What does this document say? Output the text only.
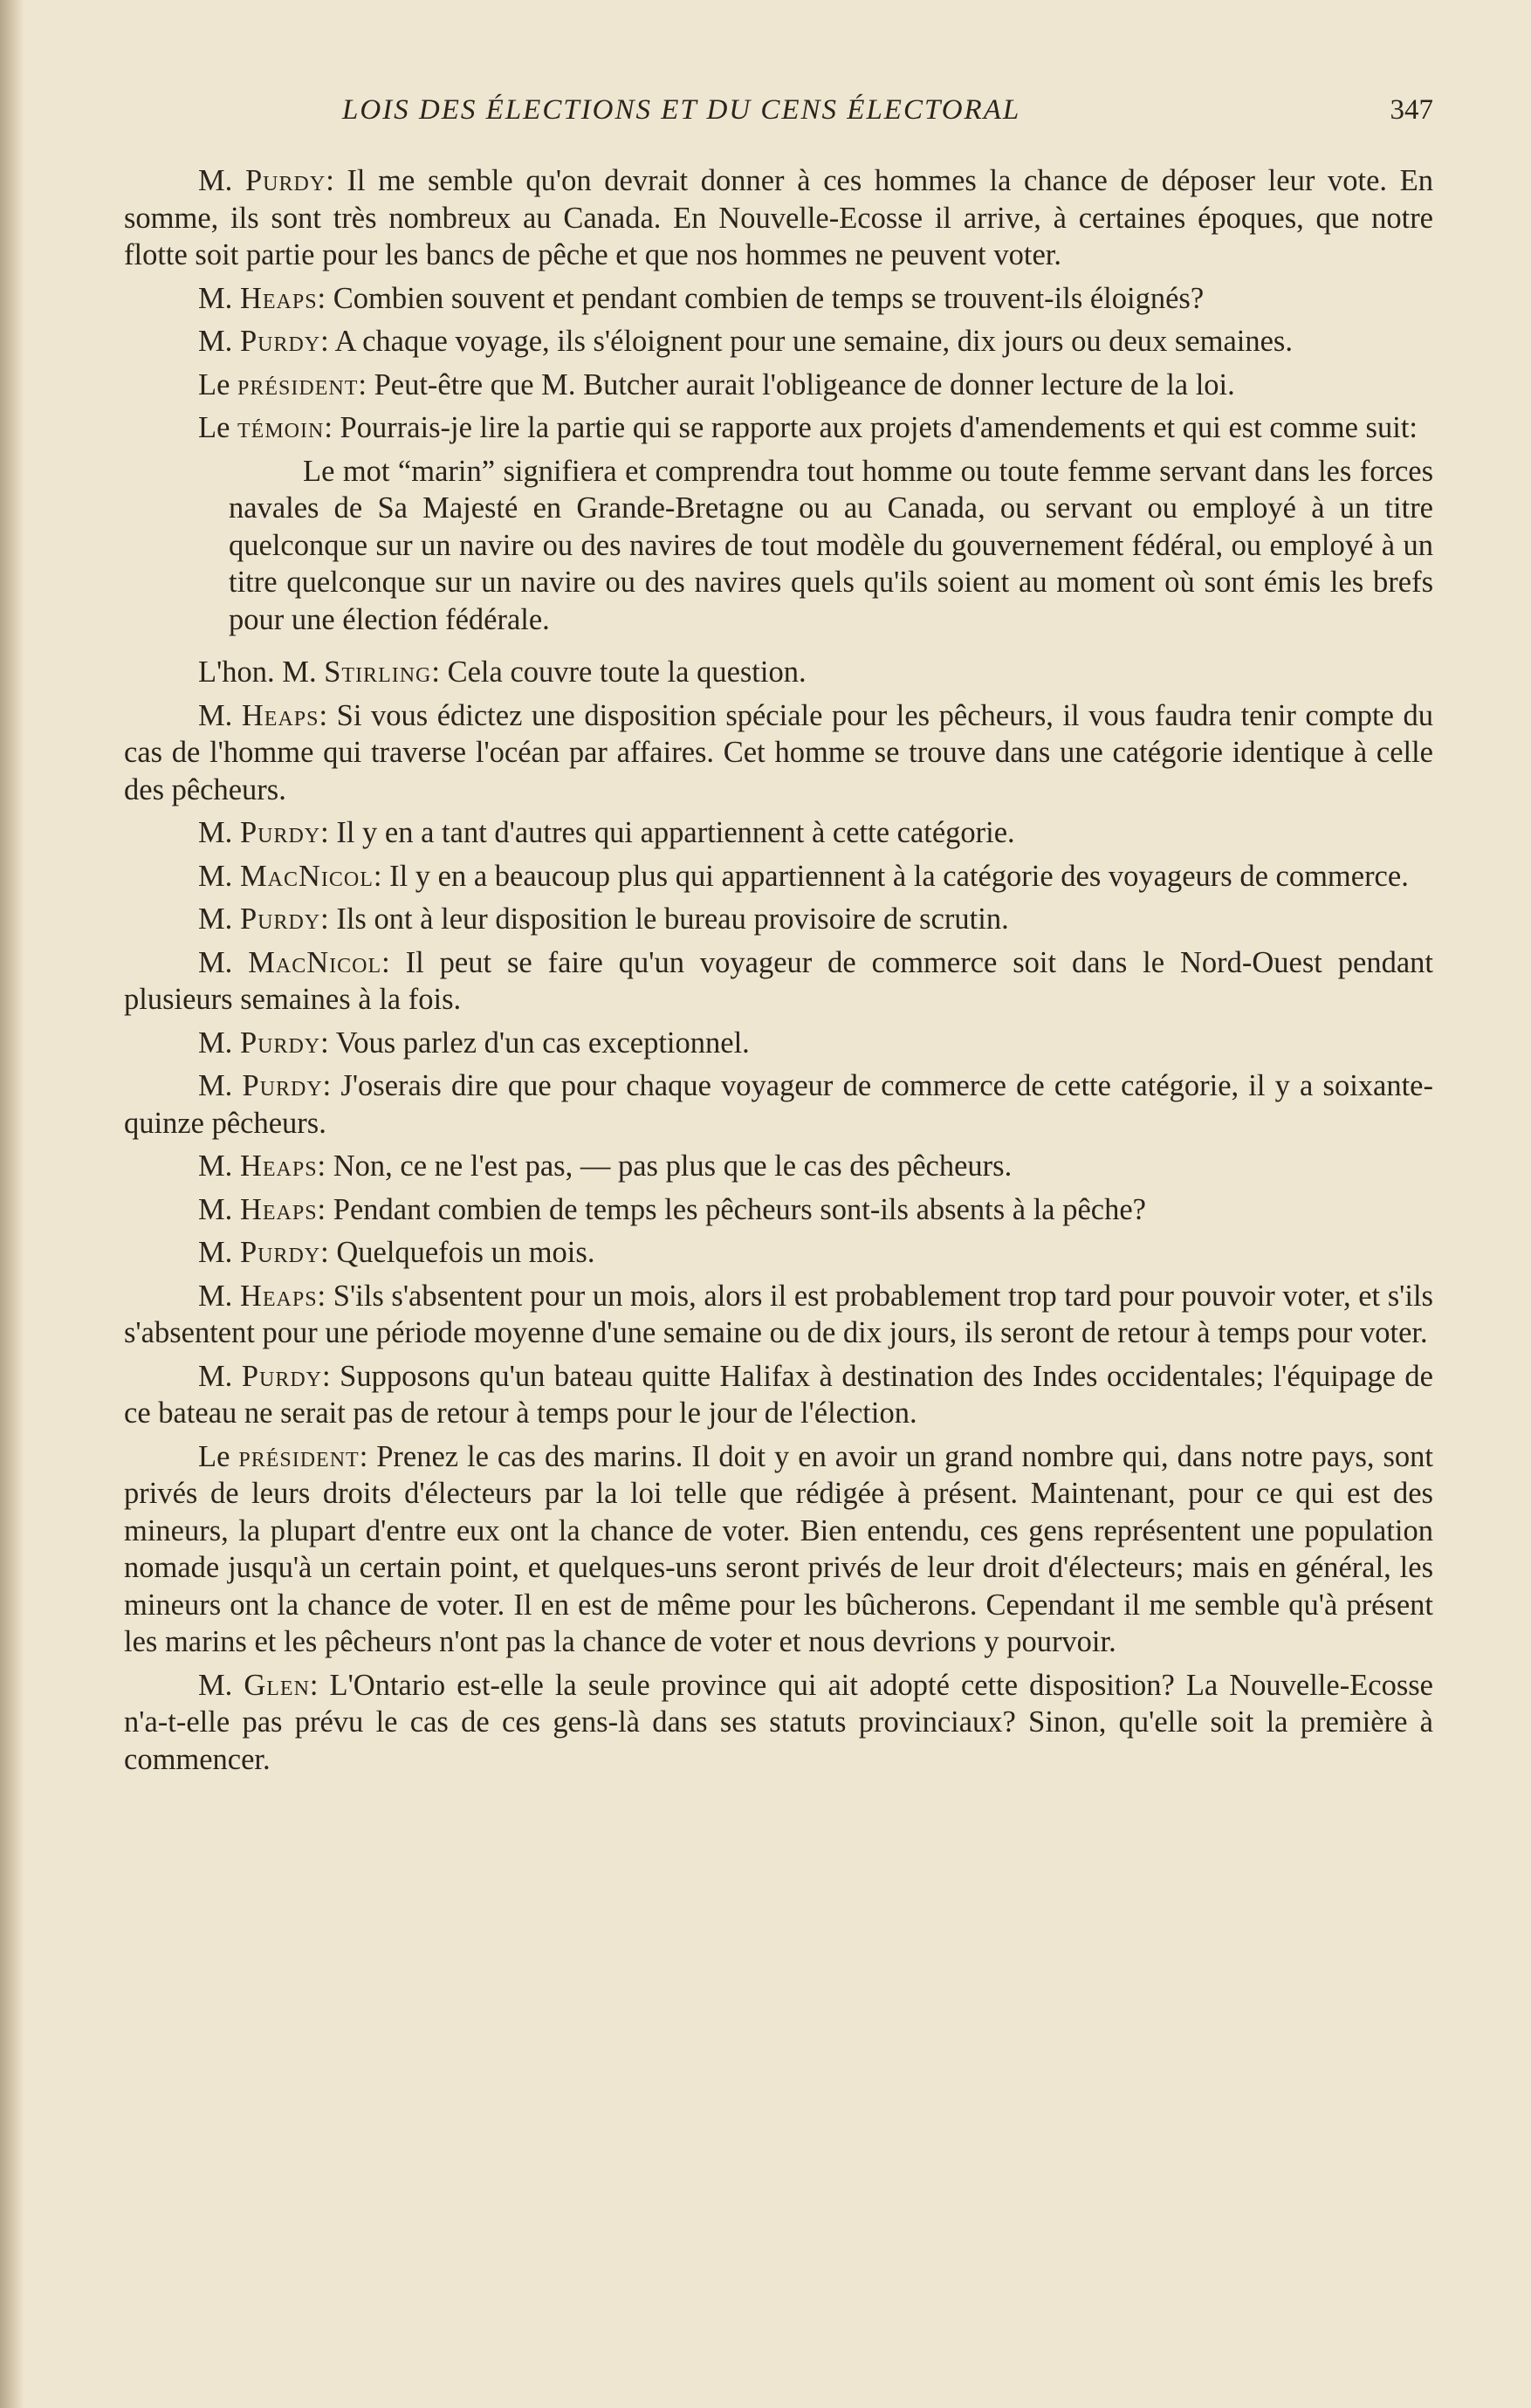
LOIS DES ÉLECTIONS ET DU CENS ÉLECTORAL	347

M. Purdy: Il me semble qu'on devrait donner à ces hommes la chance de déposer leur vote. En somme, ils sont très nombreux au Canada. En Nouvelle-Ecosse il arrive, à certaines époques, que notre flotte soit partie pour les bancs de pêche et que nos hommes ne peuvent voter.

M. Heaps: Combien souvent et pendant combien de temps se trouvent-ils éloignés?

M. Purdy: A chaque voyage, ils s'éloignent pour une semaine, dix jours ou deux semaines.

Le président: Peut-être que M. Butcher aurait l'obligeance de donner lecture de la loi.

Le témoin: Pourrais-je lire la partie qui se rapporte aux projets d'amendements et qui est comme suit:

Le mot “marin” signifiera et comprendra tout homme ou toute femme servant dans les forces navales de Sa Majesté en Grande-Bretagne ou au Canada, ou servant ou employé à un titre quelconque sur un navire ou des navires de tout modèle du gouvernement fédéral, ou employé à un titre quelconque sur un navire ou des navires quels qu'ils soient au moment où sont émis les brefs pour une élection fédérale.

L'hon. M. Stirling: Cela couvre toute la question.

M. Heaps: Si vous édictez une disposition spéciale pour les pêcheurs, il vous faudra tenir compte du cas de l'homme qui traverse l'océan par affaires. Cet homme se trouve dans une catégorie identique à celle des pêcheurs.

M. Purdy: Il y en a tant d'autres qui appartiennent à cette catégorie.

M. MacNicol: Il y en a beaucoup plus qui appartiennent à la catégorie des voyageurs de commerce.

M. Purdy: Ils ont à leur disposition le bureau provisoire de scrutin.

M. MacNicol: Il peut se faire qu'un voyageur de commerce soit dans le Nord-Ouest pendant plusieurs semaines à la fois.

M. Purdy: Vous parlez d'un cas exceptionnel.

M. Purdy: J'oserais dire que pour chaque voyageur de commerce de cette catégorie, il y a soixante-quinze pêcheurs.

M. Heaps: Non, ce ne l'est pas, — pas plus que le cas des pêcheurs.

M. Heaps: Pendant combien de temps les pêcheurs sont-ils absents à la pêche?

M. Purdy: Quelquefois un mois.

M. Heaps: S'ils s'absentent pour un mois, alors il est probablement trop tard pour pouvoir voter, et s'ils s'absentent pour une période moyenne d'une semaine ou de dix jours, ils seront de retour à temps pour voter.

M. Purdy: Supposons qu'un bateau quitte Halifax à destination des Indes occidentales; l'équipage de ce bateau ne serait pas de retour à temps pour le jour de l'élection.

Le président: Prenez le cas des marins. Il doit y en avoir un grand nombre qui, dans notre pays, sont privés de leurs droits d'électeurs par la loi telle que rédigée à présent. Maintenant, pour ce qui est des mineurs, la plupart d'entre eux ont la chance de voter. Bien entendu, ces gens représentent une population nomade jusqu'à un certain point, et quelques-uns seront privés de leur droit d'électeurs; mais en général, les mineurs ont la chance de voter. Il en est de même pour les bûcherons. Cependant il me semble qu'à présent les marins et les pêcheurs n'ont pas la chance de voter et nous devrions y pourvoir.

M. Glen: L'Ontario est-elle la seule province qui ait adopté cette disposition? La Nouvelle-Ecosse n'a-t-elle pas prévu le cas de ces gens-là dans ses statuts provinciaux? Sinon, qu'elle soit la première à commencer.
